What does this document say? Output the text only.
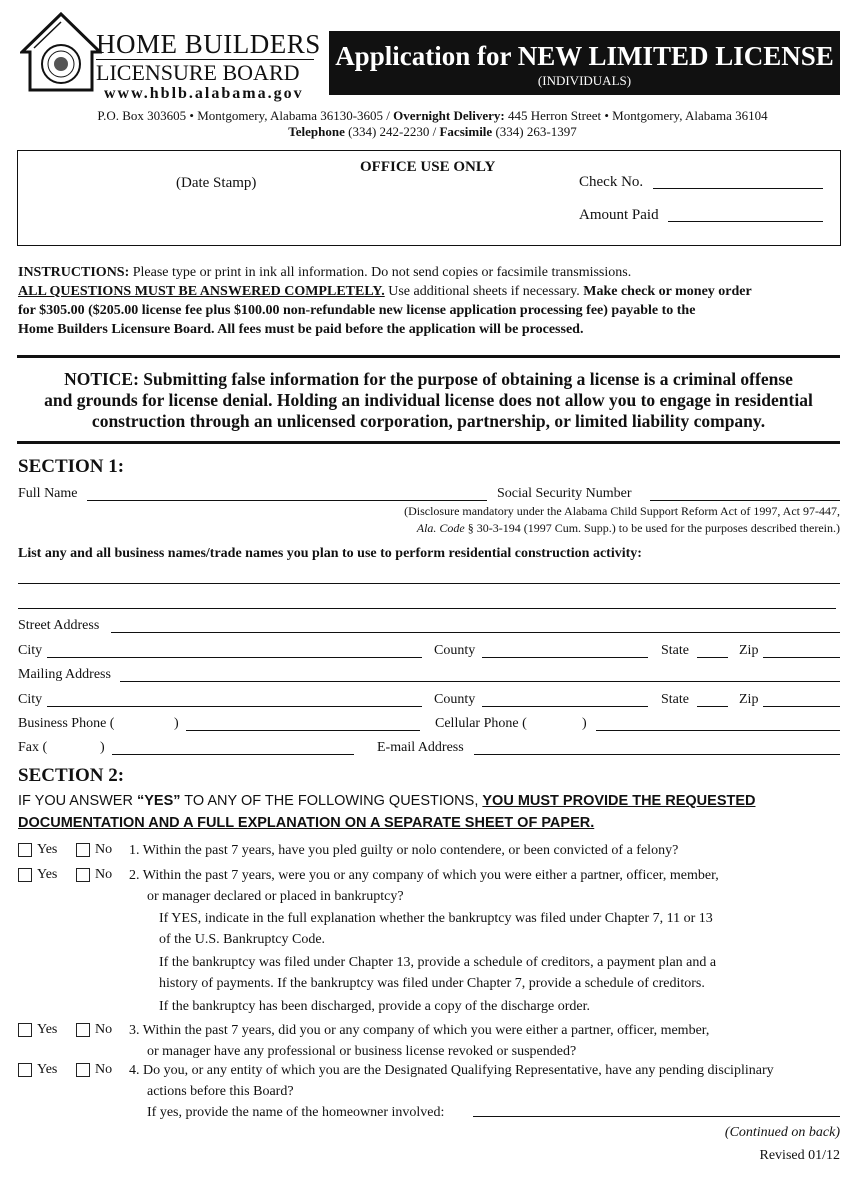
HOME BUILDERS
LICENSURE BOARD
www.hblb.alabama.gov
Application for NEW LIMITED LICENSE
(INDIVIDUALS)
P.O. Box 303605 • Montgomery, Alabama 36130-3605 / Overnight Delivery: 445 Herron Street • Montgomery, Alabama 36104
Telephone (334) 242-2230 / Facsimile (334) 263-1397
OFFICE USE ONLY
(Date Stamp)	Check No.
Amount Paid
INSTRUCTIONS: Please type or print in ink all information. Do not send copies or facsimile transmissions.
ALL QUESTIONS MUST BE ANSWERED COMPLETELY. Use additional sheets if necessary. Make check or money order
for $305.00 ($205.00 license fee plus $100.00 non-refundable new license application processing fee) payable to the
Home Builders Licensure Board. All fees must be paid before the application will be processed.
NOTICE: Submitting false information for the purpose of obtaining a license is a criminal offense
and grounds for license denial. Holding an individual license does not allow you to engage in residential
construction through an unlicensed corporation, partnership, or limited liability company.
SECTION 1:
Full Name	Social Security Number
(Disclosure mandatory under the Alabama Child Support Reform Act of 1997, Act 97-447,
Ala. Code § 30-3-194 (1997 Cum. Supp.) to be used for the purposes described therein.)
List any and all business names/trade names you plan to use to perform residential construction activity:
Street Address
City	County	State	Zip
Mailing Address
City	County	State	Zip
Business Phone (	)	Cellular Phone (	)
Fax (	)	E-mail Address
SECTION 2:
IF YOU ANSWER “YES” TO ANY OF THE FOLLOWING QUESTIONS, YOU MUST PROVIDE THE REQUESTED
DOCUMENTATION AND A FULL EXPLANATION ON A SEPARATE SHEET OF PAPER.
Yes	No 1. Within the past 7 years, have you pled guilty or nolo contendere, or been convicted of a felony?
Yes	No 2. Within the past 7 years, were you or any company of which you were either a partner, officer, member,
or manager declared or placed in bankruptcy?
If YES, indicate in the full explanation whether the bankruptcy was filed under Chapter 7, 11 or 13
of the U.S. Bankruptcy Code.
If the bankruptcy was filed under Chapter 13, provide a schedule of creditors, a payment plan and a
history of payments. If the bankruptcy was filed under Chapter 7, provide a schedule of creditors.
If the bankruptcy has been discharged, provide a copy of the discharge order.
Yes	No 3. Within the past 7 years, did you or any company of which you were either a partner, officer, member,
or manager have any professional or business license revoked or suspended?
Yes	No 4. Do you, or any entity of which you are the Designated Qualifying Representative, have any pending disciplinary
actions before this Board?
If yes, provide the name of the homeowner involved:
(Continued on back)
Revised 01/12
